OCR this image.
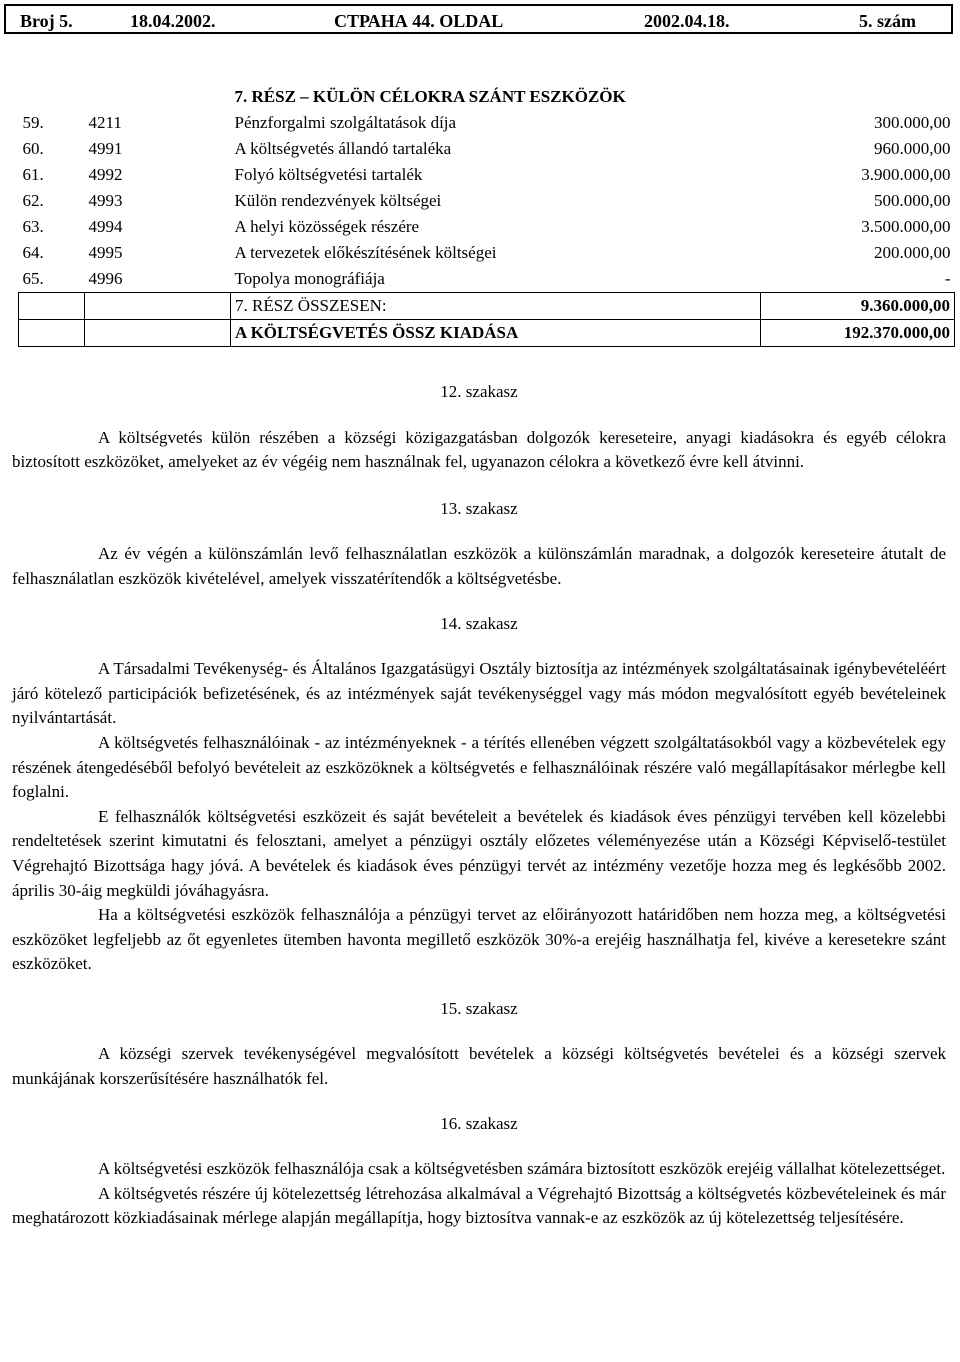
Broj 5.	18.04.2002.	СТРАНА 44. OLDAL	2002.04.18.	5. szám
		7. RÉSZ – KÜLÖN CÉLOKRA SZÁNT ESZKÖZÖK	
59.	4211	Pénzforgalmi szolgáltatások díja	300.000,00
60.	4991	A költségvetés állandó tartaléka	960.000,00
61.	4992	Folyó költségvetési tartalék	3.900.000,00
62.	4993	Külön rendezvények költségei	500.000,00
63.	4994	A helyi közösségek részére	3.500.000,00
64.	4995	A tervezetek előkészítésének költségei	200.000,00
65.	4996	Topolya monográfiája	-
		7. RÉSZ ÖSSZESEN:	9.360.000,00
		A KÖLTSÉGVETÉS ÖSSZ KIADÁSA	192.370.000,00

12. szakasz

A költségvetés külön részében a községi közigazgatásban dolgozók kereseteire, anyagi kiadásokra és egyéb célokra biztosított eszközöket, amelyeket az év végéig nem használnak fel, ugyanazon célokra a következő évre kell átvinni.

13. szakasz

Az év végén a különszámlán levő felhasználatlan eszközök a különszámlán maradnak, a dolgozók kereseteire átutalt de felhasználatlan eszközök kivételével, amelyek visszatérítendők a költségvetésbe.

14. szakasz

A Társadalmi Tevékenység- és Általános Igazgatásügyi Osztály biztosítja az intézmények szolgáltatásainak igénybevételéért járó kötelező participációk befizetésének, és az intézmények saját tevékenységgel vagy más módon megvalósított egyéb bevételeinek nyilvántartását.

A költségvetés felhasználóinak - az intézményeknek - a térítés ellenében végzett szolgáltatásokból vagy a közbevételek egy részének átengedéséből befolyó bevételeit az eszközöknek a költségvetés e felhasználóinak részére való megállapításakor mérlegbe kell foglalni.

E felhasználók költségvetési eszközeit és saját bevételeit a bevételek és kiadások éves pénzügyi tervében kell közelebbi rendeltetések szerint kimutatni és felosztani, amelyet a pénzügyi osztály előzetes véleményezése után a Községi Képviselő-testület Végrehajtó Bizottsága hagy jóvá. A bevételek és kiadások éves pénzügyi tervét az intézmény vezetője hozza meg és legkésőbb 2002. április 30-áig megküldi jóváhagyásra.

Ha a költségvetési eszközök felhasználója a pénzügyi tervet az előirányozott határidőben nem hozza meg, a költségvetési eszközöket legfeljebb az őt egyenletes ütemben havonta megillető eszközök 30%-a erejéig használhatja fel, kivéve a keresetekre szánt eszközöket.

15. szakasz

A községi szervek tevékenységével megvalósított bevételek a községi költségvetés bevételei és a községi szervek munkájának korszerűsítésére használhatók fel.

16. szakasz

A költségvetési eszközök felhasználója csak a költségvetésben számára biztosított eszközök erejéig vállalhat kötelezettséget.

A költségvetés részére új kötelezettség létrehozása alkalmával a Végrehajtó Bizottság a költségvetés közbevételeinek és már meghatározott közkiadásainak mérlege alapján megállapítja, hogy biztosítva vannak-e az eszközök az új kötelezettség teljesítésére.
